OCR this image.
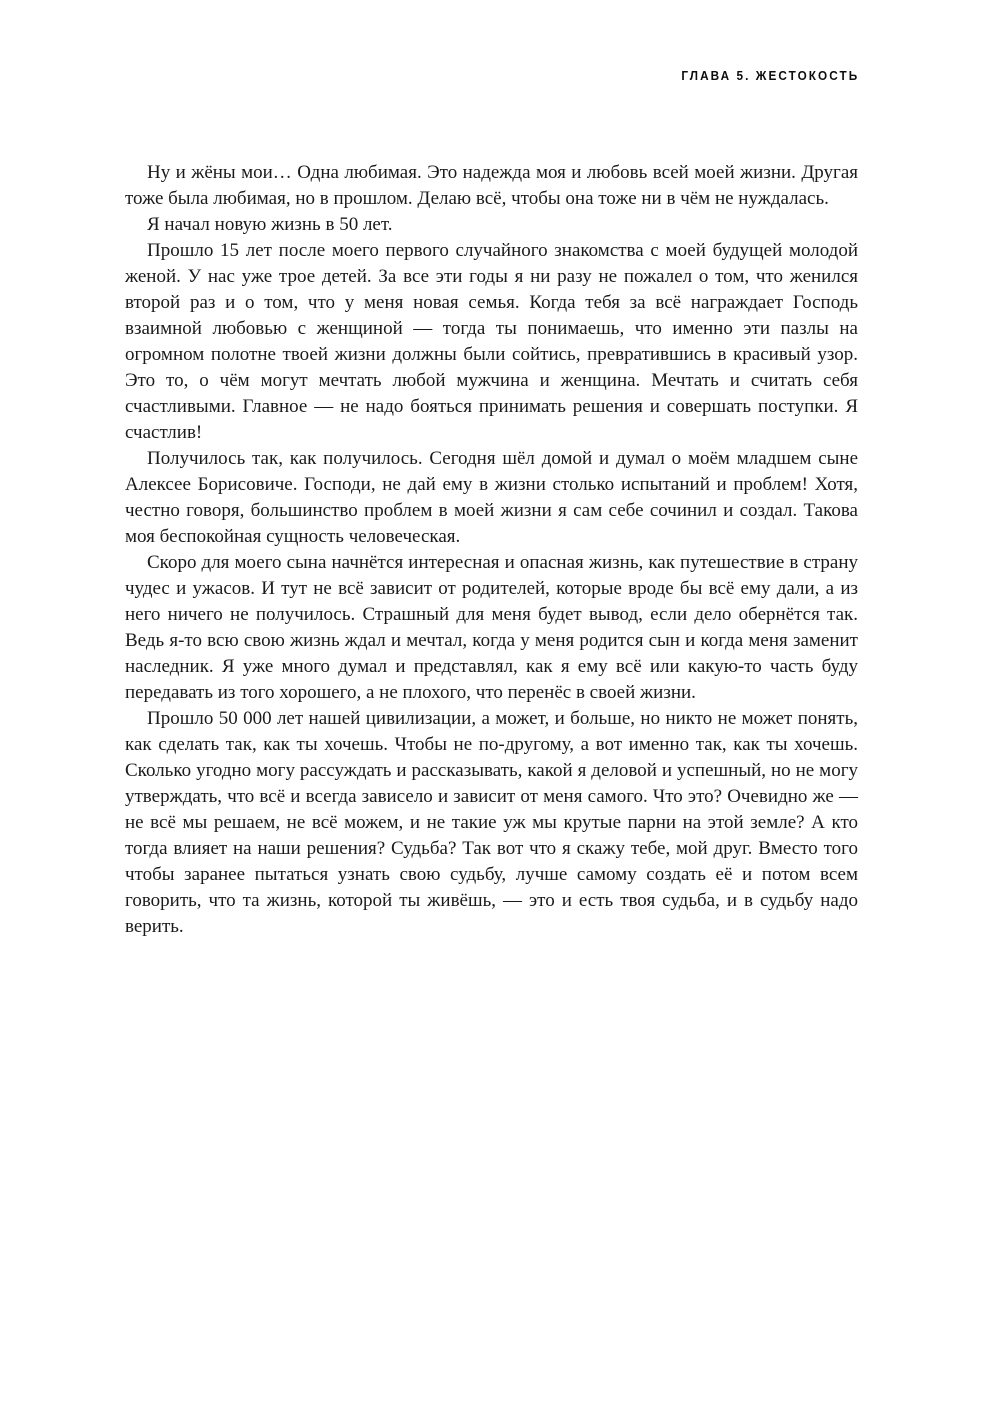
ГЛАВА 5. ЖЕСТОКОСТЬ

Ну и жёны мои… Одна любимая. Это надежда моя и любовь всей моей жизни. Другая тоже была любимая, но в прошлом. Делаю всё, чтобы она тоже ни в чём не нуждалась.

Я начал новую жизнь в 50 лет.

Прошло 15 лет после моего первого случайного знакомства с моей будущей молодой женой. У нас уже трое детей. За все эти годы я ни разу не пожалел о том, что женился второй раз и о том, что у меня новая семья. Когда тебя за всё награждает Господь взаимной любовью с женщиной — тогда ты понимаешь, что именно эти пазлы на огромном полотне твоей жизни должны были сойтись, превратившись в красивый узор. Это то, о чём могут мечтать любой мужчина и женщина. Мечтать и считать себя счастливыми. Главное — не надо бояться принимать решения и совершать поступки. Я счастлив!

Получилось так, как получилось. Сегодня шёл домой и думал о моём младшем сыне Алексее Борисовиче. Господи, не дай ему в жизни столько испытаний и проблем! Хотя, честно говоря, большинство проблем в моей жизни я сам себе сочинил и создал. Такова моя беспокойная сущность человеческая.

Скоро для моего сына начнётся интересная и опасная жизнь, как путешествие в страну чудес и ужасов. И тут не всё зависит от родителей, которые вроде бы всё ему дали, а из него ничего не получилось. Страшный для меня будет вывод, если дело обернётся так. Ведь я-то всю свою жизнь ждал и мечтал, когда у меня родится сын и когда меня заменит наследник. Я уже много думал и представлял, как я ему всё или какую-то часть буду передавать из того хорошего, а не плохого, что перенёс в своей жизни.

Прошло 50 000 лет нашей цивилизации, а может, и больше, но никто не может понять, как сделать так, как ты хочешь. Чтобы не по-другому, а вот именно так, как ты хочешь. Сколько угодно могу рассуждать и рассказывать, какой я деловой и успешный, но не могу утверждать, что всё и всегда зависело и зависит от меня самого. Что это? Очевидно же — не всё мы решаем, не всё можем, и не такие уж мы крутые парни на этой земле? А кто тогда влияет на наши решения? Судьба? Так вот что я скажу тебе, мой друг. Вместо того чтобы заранее пытаться узнать свою судьбу, лучше самому создать её и потом всем говорить, что та жизнь, которой ты живёшь, — это и есть твоя судьба, и в судьбу надо верить.
